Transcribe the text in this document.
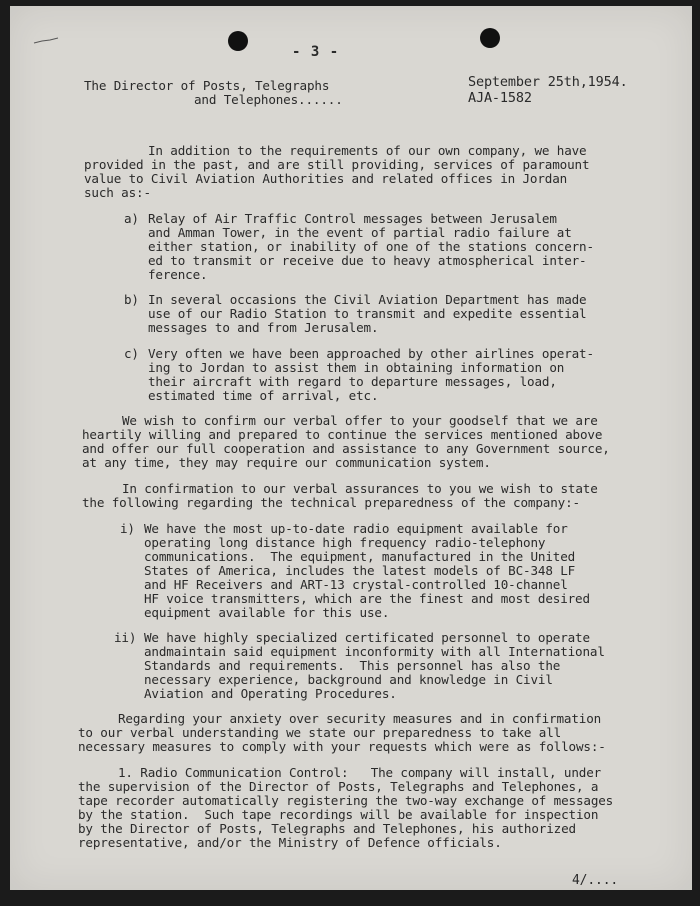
- 3 -
The Director of Posts, Telegraphs
and Telephones......
September 25th,1954.
AJA-1582
In addition to the requirements of our own company, we have
provided in the past, and are still providing, services of paramount
value to Civil Aviation Authorities and related offices in Jordan
such as:-
a) Relay of Air Traffic Control messages between Jerusalem
and Amman Tower, in the event of partial radio failure at
either station, or inability of one of the stations concern-
ed to transmit or receive due to heavy atmospherical inter-
ference.
b) In several occasions the Civil Aviation Department has made
use of our Radio Station to transmit and expedite essential
messages to and from Jerusalem.
c) Very often we have been approached by other airlines operat-
ing to Jordan to assist them in obtaining information on
their aircraft with regard to departure messages, load,
estimated time of arrival, etc.
We wish to confirm our verbal offer to your goodself that we are
heartily willing and prepared to continue the services mentioned above
and offer our full cooperation and assistance to any Government source,
at any time, they may require our communication system.
In confirmation to our verbal assurances to you we wish to state
the following regarding the technical preparedness of the company:-
i) We have the most up-to-date radio equipment available for
operating long distance high frequency radio-telephony
communications.  The equipment, manufactured in the United
States of America, includes the latest models of BC-348 LF
and HF Receivers and ART-13 crystal-controlled 10-channel
HF voice transmitters, which are the finest and most desired
equipment available for this use.
ii) We have highly specialized certificated personnel to operate
andmaintain said equipment inconformity with all International
Standards and requirements.  This personnel has also the
necessary experience, background and knowledge in Civil
Aviation and Operating Procedures.
Regarding your anxiety over security measures and in confirmation
to our verbal understanding we state our preparedness to take all
necessary measures to comply with your requests which were as follows:-
1. Radio Communication Control:   The company will install, under
the supervision of the Director of Posts, Telegraphs and Telephones, a
tape recorder automatically registering the two-way exchange of messages
by the station.  Such tape recordings will be available for inspection
by the Director of Posts, Telegraphs and Telephones, his authorized
representative, and/or the Ministry of Defence officials.
4/....
